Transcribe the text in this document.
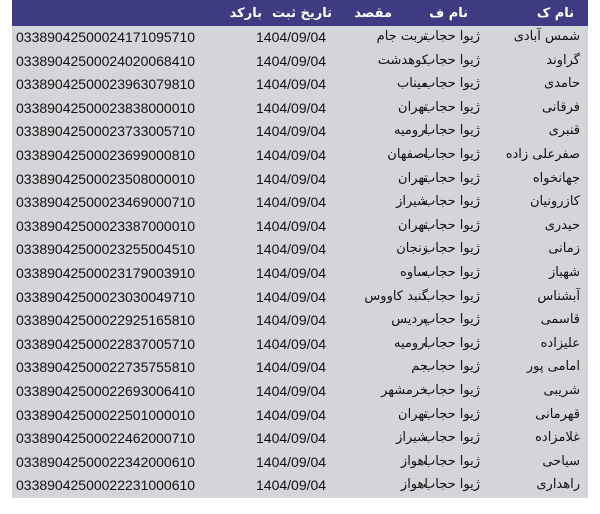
نام ک
نام ف
مقصد
تاریخ ثبت
بارکد
شمس آبادی
ژیوا حجاب
تربت جام
1404/09/04
03389042500024171095710
گراوند
ژیوا حجاب
کوهدشت
1404/09/04
03389042500024020068410
حامدی
ژیوا حجاب
میناب
1404/09/04
03389042500023963079810
فرقانی
ژیوا حجاب
تهران
1404/09/04
03389042500023838000010
قنبری
ژیوا حجاب
ارومیه
1404/09/04
03389042500023733005710
صفرعلی زاده
ژیوا حجاب
اصفهان
1404/09/04
03389042500023699000810
جهانخواه
ژیوا حجاب
تهران
1404/09/04
03389042500023508000010
کازرونیان
ژیوا حجاب
شیراز
1404/09/04
03389042500023469000710
حیدری
ژیوا حجاب
تهران
1404/09/04
03389042500023387000010
زمانی
ژیوا حجاب
زنجان
1404/09/04
03389042500023255004510
شهباز
ژیوا حجاب
ساوه
1404/09/04
03389042500023179003910
آبشناس
ژیوا حجاب
گنبد کاووس
1404/09/04
03389042500023030049710
قاسمی
ژیوا حجاب
پردیس
1404/09/04
03389042500022925165810
علیزاده
ژیوا حجاب
ارومیه
1404/09/04
03389042500022837005710
امامی پور
ژیوا حجاب
جم
1404/09/04
03389042500022735755810
شریبی
ژیوا حجاب
خرمشهر
1404/09/04
03389042500022693006410
قهرمانی
ژیوا حجاب
تهران
1404/09/04
03389042500022501000010
غلامزاده
ژیوا حجاب
شیراز
1404/09/04
03389042500022462000710
سیاحی
ژیوا حجاب
اهواز
1404/09/04
03389042500022342000610
راهداری
ژیوا حجاب
اهواز
1404/09/04
03389042500022231000610
